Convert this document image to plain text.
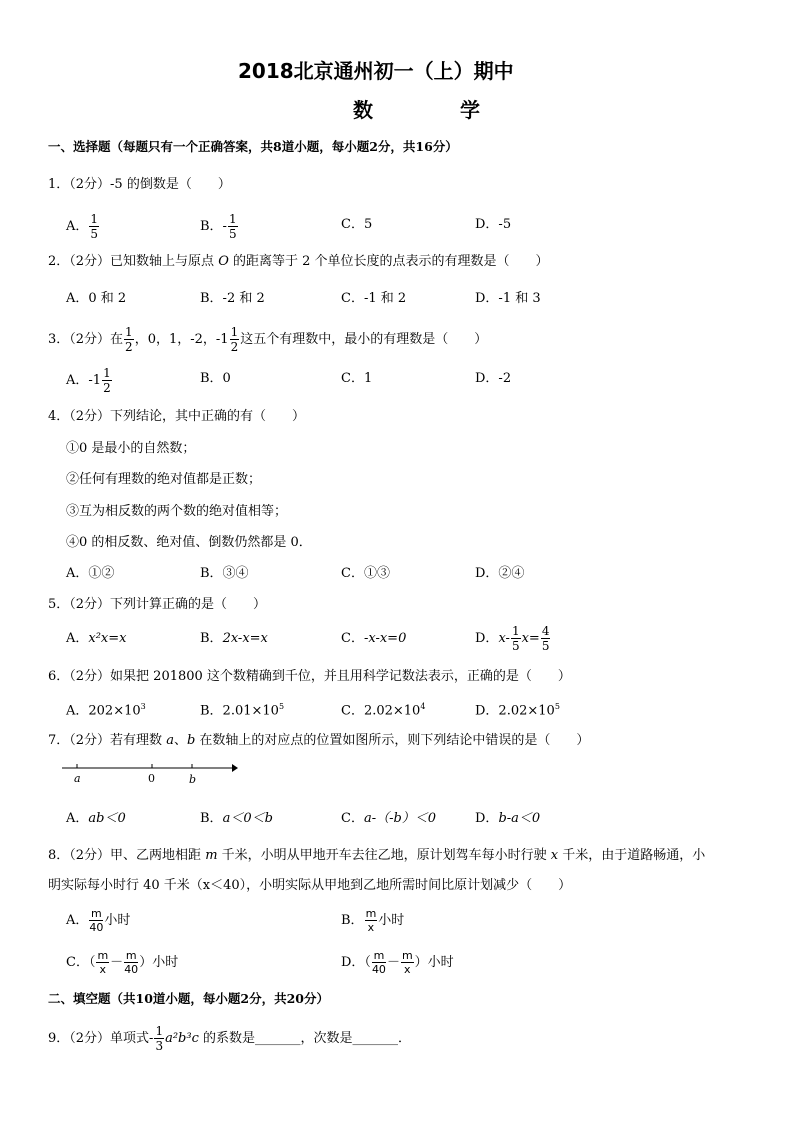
2018北京通州初一（上）期中
数 学
一、选择题（每题只有一个正确答案，共8道小题，每小题2分，共16分）
1．（2分）-5 的倒数是（　　）
A． $\frac{1}{5}$	B．- $\frac{1}{5}$	C．5	D．-5
2．（2分）已知数轴上与原点 O 的距离等于 2 个单位长度的点表示的有理数是（　　）
A．0 和 2	B．-2 和 2	C．-1 和 2	D．-1 和 3
3．（2分）在 $\frac{1}{2}$ ，0，1，-2，$-1 \frac{1}{2}$ 这五个有理数中，最小的有理数是（　　）
A．$-1 \frac{1}{2}$	B．0	C．1	D．-2
4．（2分）下列结论，其中正确的有（　　）
①0 是最小的自然数；
②任何有理数的绝对值都是正数；
③互为相反数的两个数的绝对值相等；
④0 的相反数、绝对值、倒数仍然都是 0．
A．①②	B．③④	C．①③	D．②④
5．（2分）下列计算正确的是（　　）
A．x²x=x	B．2x-x=x	C．-x-x=0	D．$x- \frac{1}{5} x= \frac{4}{5}$
6．（2分）如果把 201800 这个数精确到千位，并且用科学记数法表示，正确的是（　　）
A．$202\times 10^3$	B．$2.01\times 10^5$	C．$2.02\times 10^4$	D．$2.02\times 10^5$
7．（2分）若有理数 a、b 在数轴上的对应点的位置如图所示，则下列结论中错误的是（　　）
a	0	b
A．ab＜0	B．a＜0＜b	C．a-（-b）＜0	D．b-a＜0
8．（2分）甲、乙两地相距 m 千米，小明从甲地开车去往乙地，原计划驾车每小时行驶 x 千米，由于道路畅通，小
明实际每小时行 40 千米（x＜40），小明实际从甲地到乙地所需时间比原计划减少（　　）
A． $\frac{m}{40}$ 小时	B． $\frac{m}{x}$ 小时
C．（ $\frac{m}{x} - \frac{m}{40}$ ）小时	D．（ $\frac{m}{40} - \frac{m}{x}$ ）小时
二、填空题（共10道小题，每小题2分，共20分）
9．（2分）单项式- $\frac{1}{3} a^2b^3c$ 的系数是_______，次数是_______．
